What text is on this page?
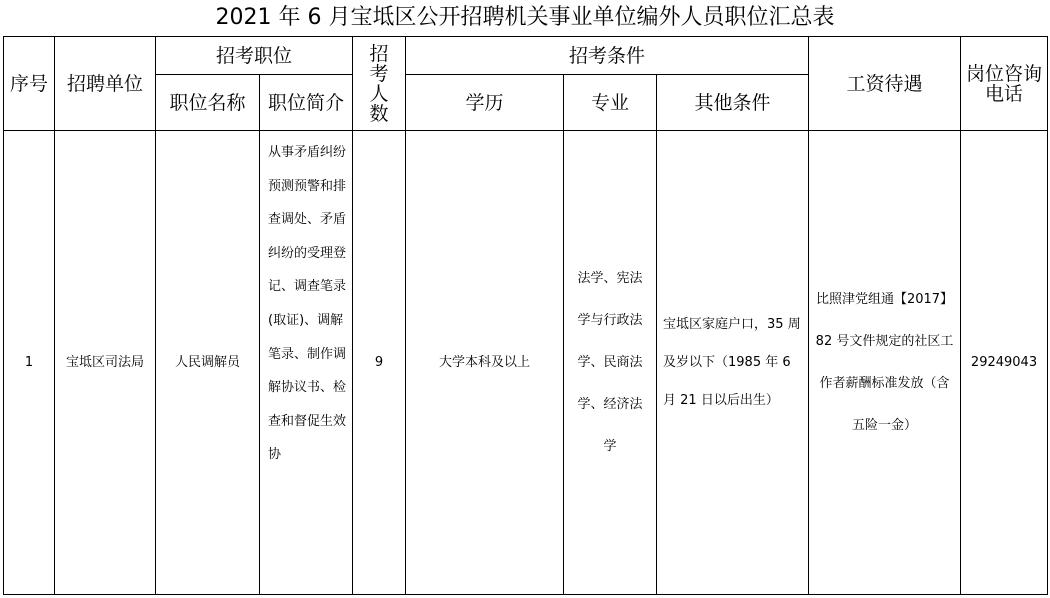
2021 年 6 月宝坻区公开招聘机关事业单位编外人员职位汇总表
序号	招聘单位	招考职位		招考人数	招考条件			工资待遇	岗位咨询电话
		职位名称	职位简介		学历	专业	其他条件		
1	宝坻区司法局	人民调解员	从事矛盾纠纷预测预警和排查调处、矛盾纠纷的受理登记、调查笔录(取证)、调解笔录、制作调解协议书、检查和督促生效协	9	大学本科及以上	法学、宪法学与行政法学、民商法学、经济法学	宝坻区家庭户口，35 周及岁以下（1985 年 6 月 21 日以后出生）	比照津党组通【2017】 82 号文件规定的社区工作者薪酬标准发放（含五险一金）	29249043
